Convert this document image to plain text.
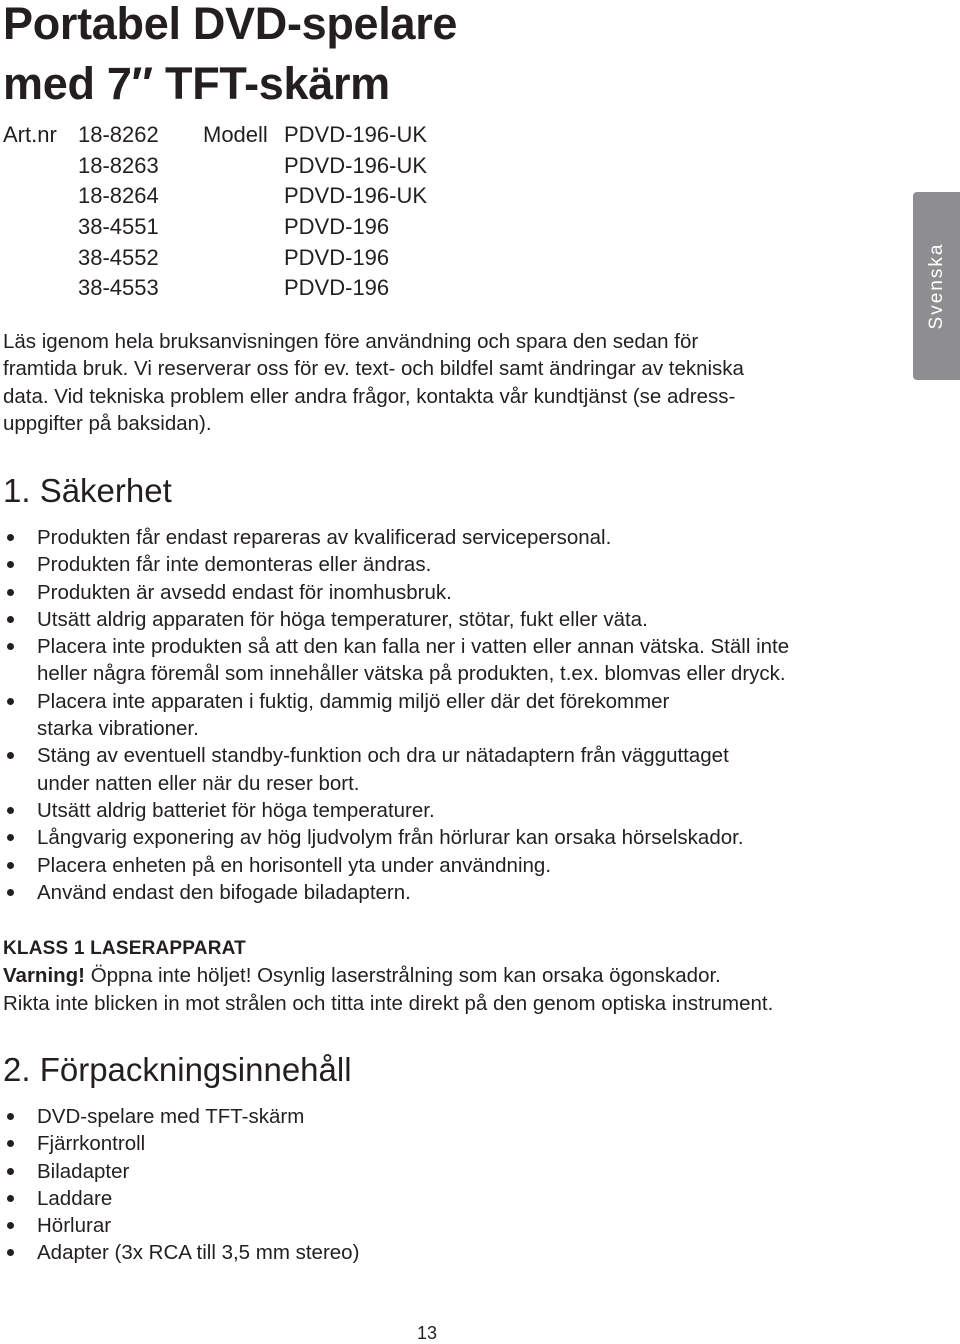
Portabel DVD-spelare
med 7″ TFT-skärm
Art.nr 18-8262 Modell PDVD-196-UK
18-8263	PDVD-196-UK
18-8264	PDVD-196-UK
38-4551	PDVD-196
38-4552	PDVD-196
38-4553	PDVD-196

Läs igenom hela bruksanvisningen före användning och spara den sedan för
framtida bruk. Vi reserverar oss för ev. text- och bildfel samt ändringar av tekniska
data. Vid tekniska problem eller andra frågor, kontakta vår kundtjänst (se adress-
uppgifter på baksidan).

Svenska
1. Säkerhet
Produkten får endast repareras av kvalificerad servicepersonal.
Produkten får inte demonteras eller ändras.
Produkten är avsedd endast för inomhusbruk.
Utsätt aldrig apparaten för höga temperaturer, stötar, fukt eller väta.
Placera inte produkten så att den kan falla ner i vatten eller annan vätska. Ställ inte
heller några föremål som innehåller vätska på produkten, t.ex. blomvas eller dryck.
Placera inte apparaten i fuktig, dammig miljö eller där det förekommer
starka vibrationer.
Stäng av eventuell standby-funktion och dra ur nätadaptern från vägguttaget
under natten eller när du reser bort.
Utsätt aldrig batteriet för höga temperaturer.
Långvarig exponering av hög ljudvolym från hörlurar kan orsaka hörselskador.
Placera enheten på en horisontell yta under användning.
Använd endast den bifogade biladaptern.
KLASS 1 LASERAPPARAT
Varning! Öppna inte höljet! Osynlig laserstrålning som kan orsaka ögonskador.
Rikta inte blicken in mot strålen och titta inte direkt på den genom optiska instrument.
2. Förpackningsinnehåll
DVD-spelare med TFT-skärm
Fjärrkontroll
Biladapter
Laddare
Hörlurar
Adapter (3x RCA till 3,5 mm stereo)
13
